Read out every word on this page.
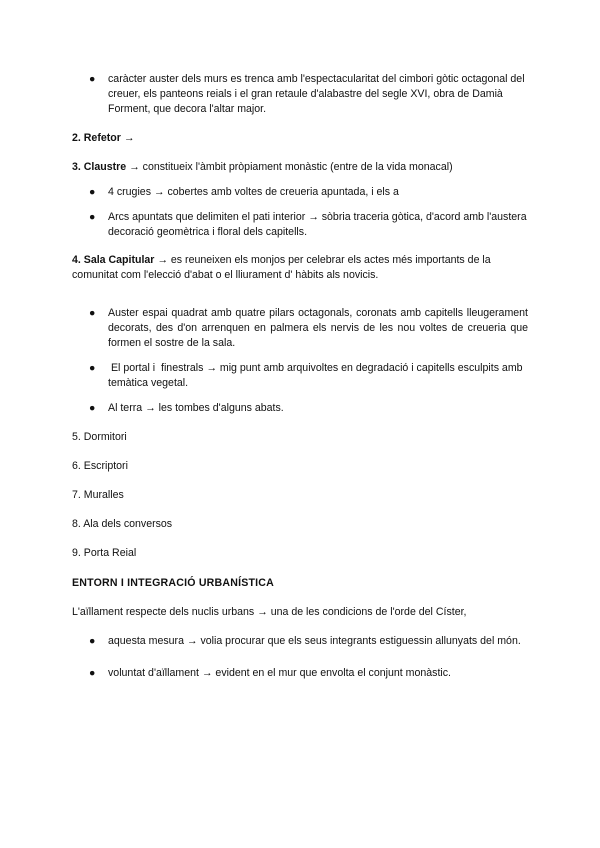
● caràcter auster dels murs es trenca amb l'espectacularitat del cimbori gòtic octagonal del creuer, els panteons reials i el gran retaule d'alabastre del segle XVI, obra de Damià Forment, que decora l'altar major.
2. Refetor →
3. Claustre → constitueix l'àmbit pròpiament monàstic (entre de la vida monacal)
● 4 crugies → cobertes amb voltes de creueria apuntada, i els a
● Arcs apuntats que delimiten el pati interior → sòbria traceria gòtica, d'acord amb l'austera decoració geomètrica i floral dels capitells.
4. Sala Capitular → es reuneixen els monjos per celebrar els actes més importants de la comunitat com l'elecció d'abat o el lliurament d' hàbits als novicis.
● Auster espai quadrat amb quatre pilars octagonals, coronats amb capitells lleugerament decorats, des d'on arrenquen en palmera els nervis de les nou voltes de creueria que formen el sostre de la sala.
● El portal i  finestrals → mig punt amb arquivoltes en degradació i capitells esculpits amb temàtica vegetal.
● Al terra → les tombes d'alguns abats.
5. Dormitori
6. Escriptori
7. Muralles
8. Ala dels conversos
9. Porta Reial
ENTORN I INTEGRACIÓ URBANÍSTICA
L'aïllament respecte dels nuclis urbans → una de les condicions de l'orde del Císter,
● aquesta mesura → volia procurar que els seus integrants estiguessin allunyats del món.
● voluntat d'aïllament → evident en el mur que envolta el conjunt monàstic.
